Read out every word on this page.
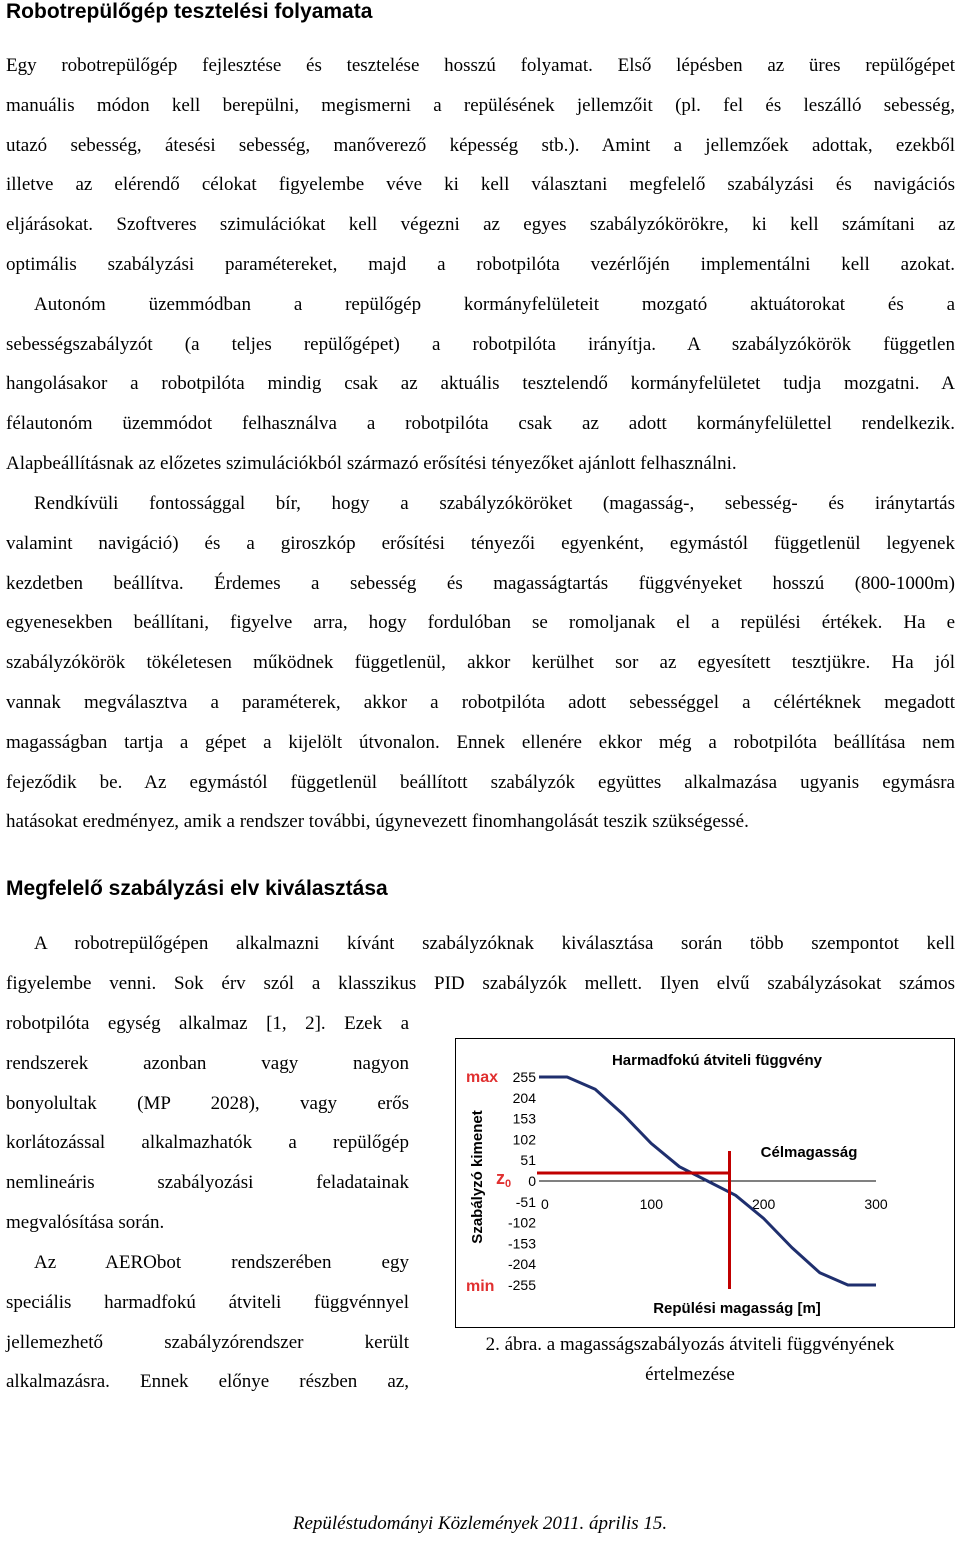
Robotrepülőgép tesztelési folyamata
Egy robotrepülőgép fejlesztése és tesztelése hosszú folyamat. Első lépésben az üres repülőgépet
manuális módon kell berepülni, megismerni a repülésének jellemzőit (pl. fel és leszálló sebesség,
utazó sebesség, átesési sebesség, manőverező képesség stb.). Amint a jellemzőek adottak, ezekből
illetve az elérendő célokat figyelembe véve ki kell választani megfelelő szabályzási és navigációs
eljárásokat. Szoftveres szimulációkat kell végezni az egyes szabályzókörökre, ki kell számítani az
optimális szabályzási paramétereket, majd a robotpilóta vezérlőjén implementálni kell azokat.
Autonóm üzemmódban a repülőgép kormányfelületeit mozgató aktuátorokat és a
sebességszabályzót (a teljes repülőgépet) a robotpilóta irányítja. A szabályzókörök független
hangolásakor a robotpilóta mindig csak az aktuális tesztelendő kormányfelületet tudja mozgatni. A
félautonóm üzemmódot felhasználva a robotpilóta csak az adott kormányfelülettel rendelkezik.
Alapbeállításnak az előzetes szimulációkból származó erősítési tényezőket ajánlott felhasználni.
Rendkívüli fontossággal bír, hogy a szabályzóköröket (magasság-, sebesség- és iránytartás
valamint navigáció) és a giroszkóp erősítési tényezői egyenként, egymástól függetlenül legyenek
kezdetben beállítva. Érdemes a sebesség és magasságtartás függvényeket hosszú (800-1000m)
egyenesekben beállítani, figyelve arra, hogy fordulóban se romoljanak el a repülési értékek. Ha e
szabályzókörök tökéletesen működnek függetlenül, akkor kerülhet sor az egyesített tesztjükre. Ha jól
vannak megválasztva a paraméterek, akkor a robotpilóta adott sebességgel a célértéknek megadott
magasságban tartja a gépet a kijelölt útvonalon. Ennek ellenére ekkor még a robotpilóta beállítása nem
fejeződik be. Az egymástól függetlenül beállított szabályzók együttes alkalmazása ugyanis egymásra
hatásokat eredményez, amik a rendszer további, úgynevezett finomhangolását teszik szükségessé.
Megfelelő szabályzási elv kiválasztása
A robotrepülőgépen alkalmazni kívánt szabályzóknak kiválasztása során több szempontot kell
figyelembe venni. Sok érv szól a klasszikus PID szabályzók mellett. Ilyen elvű szabályzásokat számos
robotpilóta egység alkalmaz [1, 2]. Ezek a
rendszerek azonban vagy nagyon
bonyolultak (MP 2028), vagy erős
korlátozással alkalmazhatók a repülőgép
nemlineáris szabályozási feladatainak
megvalósítása során.
Az AERObot rendszerében egy
speciális harmadfokú átviteli függvénnyel
jellemezhető szabályzórendszer került
alkalmazásra. Ennek előnye részben az,
Harmadfokú átviteli függvény
Szabályzó kimenet
Repülési magasság [m]
max
min
z0
Célmagasság
255
204
153
102
51
0
-51
-102
-153
-204
-255
0	100	200	300
2. ábra. a magasságszabályozás átviteli függvényének értelmezése
Repüléstudományi Közlemények 2011. április 15.
